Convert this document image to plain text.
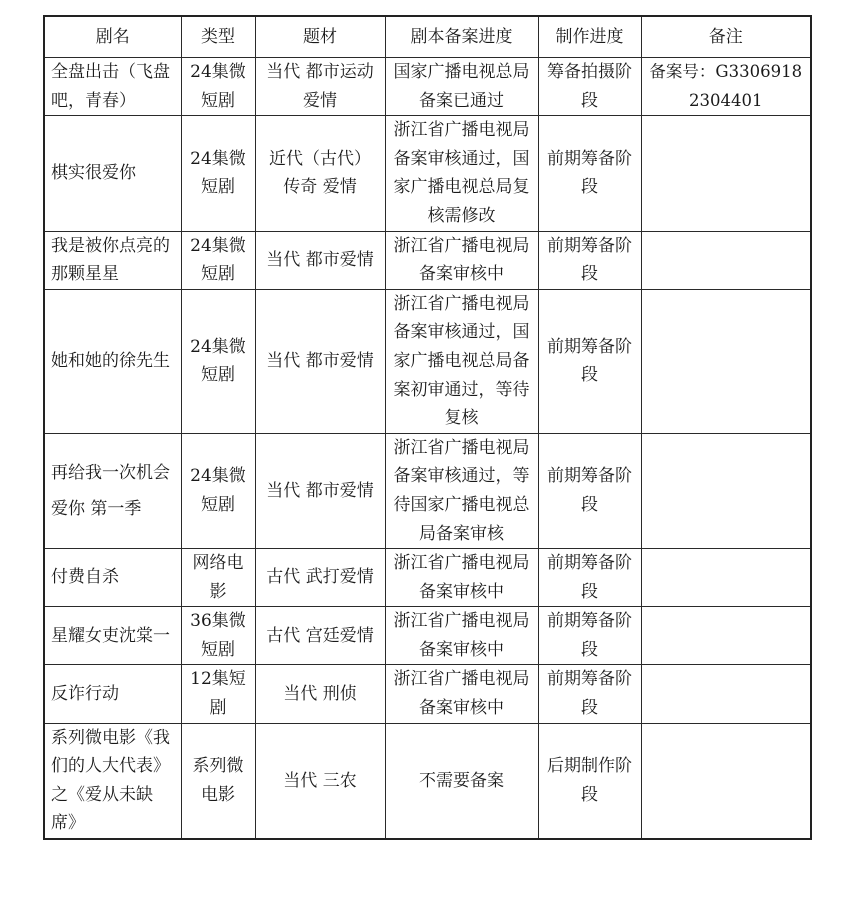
剧名	类型	题材	剧本备案进度	制作进度	备注
全盘出击（飞盘吧，青春）	24集微短剧	当代 都市运动 爱情	国家广播电视总局备案已通过	筹备拍摄阶段	备案号：G33069182304401
棋实很爱你	24集微短剧	近代（古代）传奇 爱情	浙江省广播电视局备案审核通过，国家广播电视总局复核需修改	前期筹备阶段	
我是被你点亮的那颗星星	24集微短剧	当代 都市爱情	浙江省广播电视局备案审核中	前期筹备阶段	
她和她的徐先生	24集微短剧	当代 都市爱情	浙江省广播电视局备案审核通过，国家广播电视总局备案初审通过，等待复核	前期筹备阶段	
再给我一次机会爱你 第一季	24集微短剧	当代 都市爱情	浙江省广播电视局备案审核通过，等待国家广播电视总局备案审核	前期筹备阶段	
付费自杀	网络电影	古代 武打爱情	浙江省广播电视局备案审核中	前期筹备阶段	
星耀女吏沈棠一	36集微短剧	古代 宫廷爱情	浙江省广播电视局备案审核中	前期筹备阶段	
反诈行动	12集短剧	当代 刑侦	浙江省广播电视局备案审核中	前期筹备阶段	
系列微电影《我们的人大代表》之《爱从未缺席》	系列微电影	当代 三农	不需要备案	后期制作阶段	
